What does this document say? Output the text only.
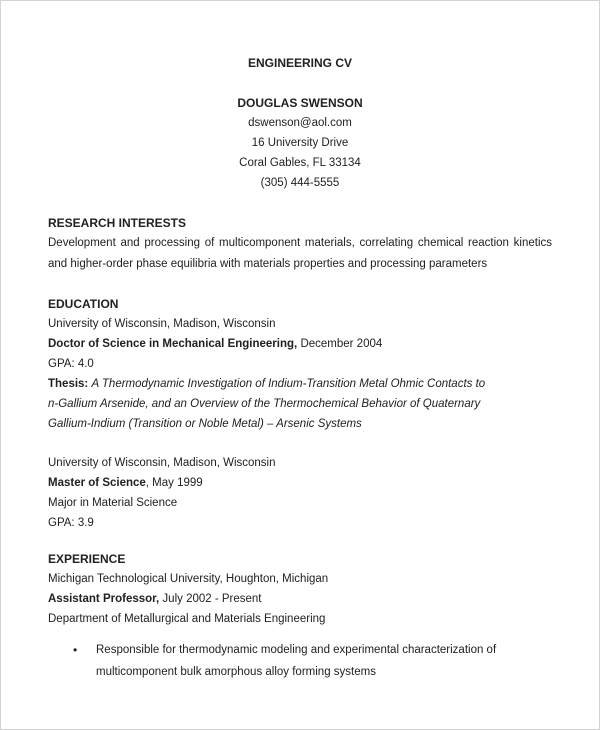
ENGINEERING CV
DOUGLAS SWENSON
dswenson@aol.com
16 University Drive
Coral Gables, FL 33134
(305) 444-5555
RESEARCH INTERESTS
Development and processing of multicomponent materials, correlating chemical reaction kinetics
and higher-order phase equilibria with materials properties and processing parameters
EDUCATION
University of Wisconsin, Madison, Wisconsin
Doctor of Science in Mechanical Engineering, December 2004
GPA: 4.0
Thesis: A Thermodynamic Investigation of Indium-Transition Metal Ohmic Contacts to
n-Gallium Arsenide, and an Overview of the Thermochemical Behavior of Quaternary
Gallium-Indium (Transition or Noble Metal) – Arsenic Systems
University of Wisconsin, Madison, Wisconsin
Master of Science, May 1999
Major in Material Science
GPA: 3.9
EXPERIENCE
Michigan Technological University, Houghton, Michigan
Assistant Professor, July 2002 - Present
Department of Metallurgical and Materials Engineering
•	Responsible for thermodynamic modeling and experimental characterization of multicomponent bulk amorphous alloy forming systems
